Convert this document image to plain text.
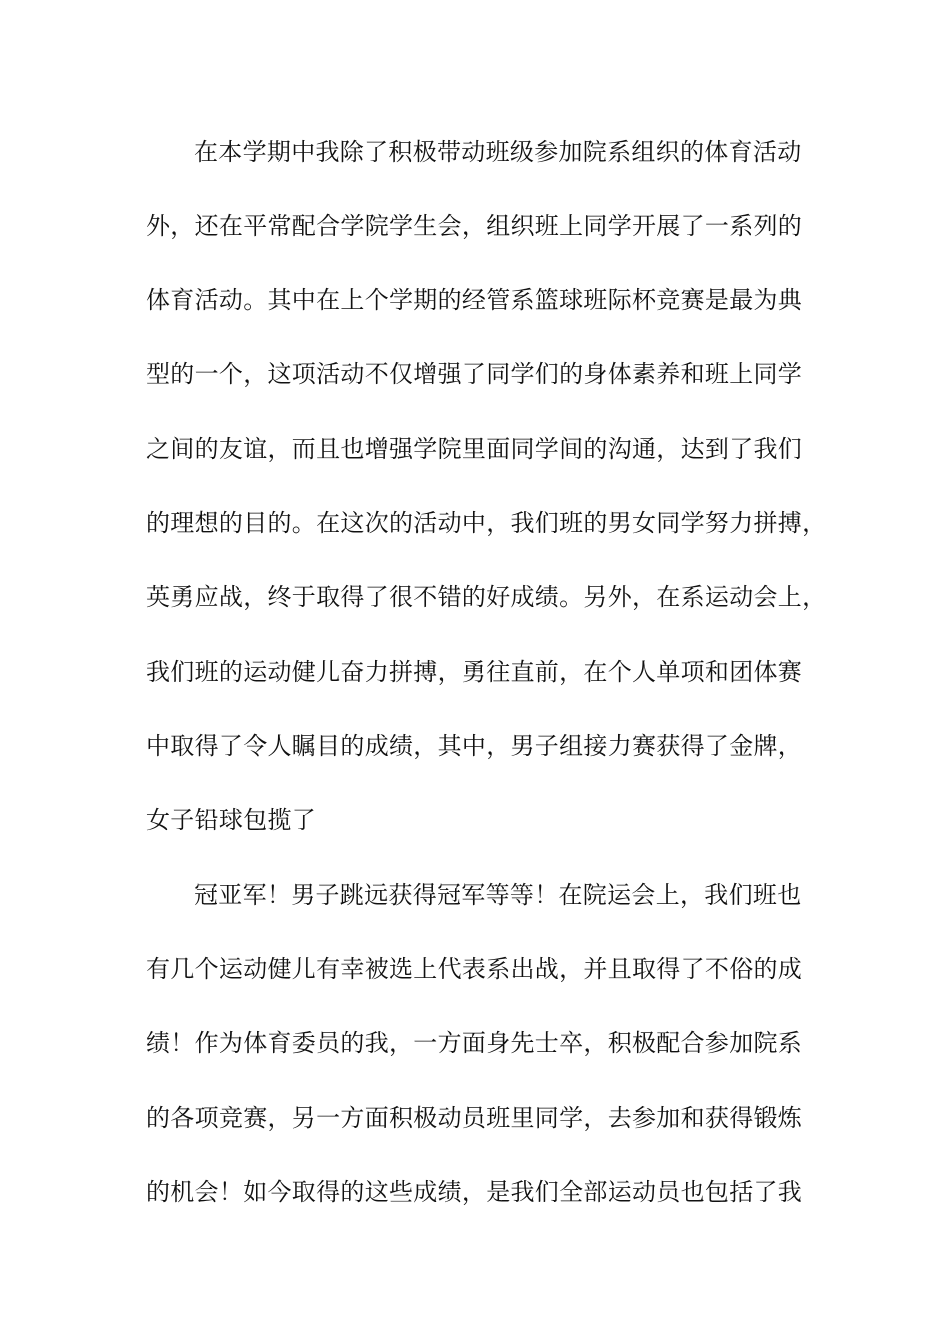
在本学期中我除了积极带动班级参加院系组织的体育活动
外，还在平常配合学院学生会，组织班上同学开展了一系列的
体育活动。其中在上个学期的经管系篮球班际杯竞赛是最为典
型的一个，这项活动不仅增强了同学们的身体素养和班上同学
之间的友谊，而且也增强学院里面同学间的沟通，达到了我们
的理想的目的。在这次的活动中，我们班的男女同学努力拼搏，
英勇应战，终于取得了很不错的好成绩。另外，在系运动会上，
我们班的运动健儿奋力拼搏，勇往直前，在个人单项和团体赛
中取得了令人瞩目的成绩，其中，男子组接力赛获得了金牌，
女子铅球包揽了
冠亚军！男子跳远获得冠军等等！在院运会上，我们班也
有几个运动健儿有幸被选上代表系出战，并且取得了不俗的成
绩！作为体育委员的我，一方面身先士卒，积极配合参加院系
的各项竞赛，另一方面积极动员班里同学，去参加和获得锻炼
的机会！如今取得的这些成绩，是我们全部运动员也包括了我
